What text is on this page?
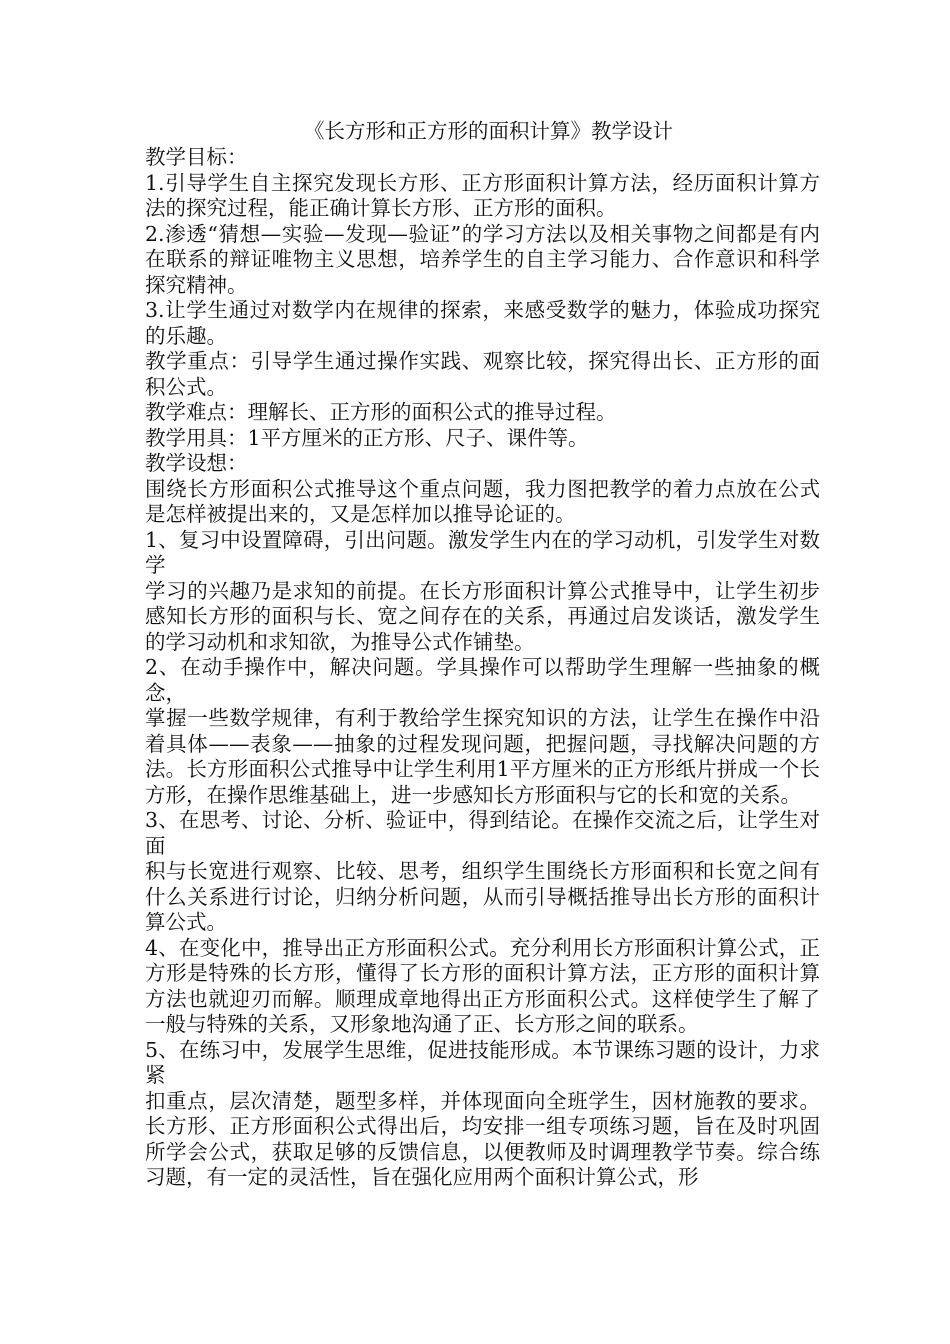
《长方形和正方形的面积计算》教学设计

教学目标：

1.引导学生自主探究发现长方形、正方形面积计算方法，经历面积计算方法的探究过程，能正确计算长方形、正方形的面积。

2.渗透“猜想—实验—发现—验证”的学习方法以及相关事物之间都是有内在联系的辩证唯物主义思想，培养学生的自主学习能力、合作意识和科学探究精神。

3.让学生通过对数学内在规律的探索，来感受数学的魅力，体验成功探究的乐趣。

教学重点：引导学生通过操作实践、观察比较，探究得出长、正方形的面积公式。

教学难点：理解长、正方形的面积公式的推导过程。

教学用具：1平方厘米的正方形、尺子、课件等。

教学设想：

围绕长方形面积公式推导这个重点问题，我力图把教学的着力点放在公式是怎样被提出来的，又是怎样加以推导论证的。

1、复习中设置障碍，引出问题。激发学生内在的学习动机，引发学生对数学

学习的兴趣乃是求知的前提。在长方形面积计算公式推导中，让学生初步感知长方形的面积与长、宽之间存在的关系，再通过启发谈话，激发学生的学习动机和求知欲，为推导公式作铺垫。

2、在动手操作中，解决问题。学具操作可以帮助学生理解一些抽象的概念，

掌握一些数学规律，有利于教给学生探究知识的方法，让学生在操作中沿着具体——表象——抽象的过程发现问题，把握问题，寻找解决问题的方法。长方形面积公式推导中让学生利用1平方厘米的正方形纸片拼成一个长方形，在操作思维基础上，进一步感知长方形面积与它的长和宽的关系。

3、在思考、讨论、分析、验证中，得到结论。在操作交流之后，让学生对面

积与长宽进行观察、比较、思考，组织学生围绕长方形面积和长宽之间有什么关系进行讨论，归纳分析问题，从而引导概括推导出长方形的面积计算公式。

4、在变化中，推导出正方形面积公式。充分利用长方形面积计算公式，正方形是特殊的长方形，懂得了长方形的面积计算方法，正方形的面积计算方法也就迎刃而解。顺理成章地得出正方形面积公式。这样使学生了解了一般与特殊的关系，又形象地沟通了正、长方形之间的联系。

5、在练习中，发展学生思维，促进技能形成。本节课练习题的设计，力求紧

扣重点，层次清楚，题型多样，并体现面向全班学生，因材施教的要求。长方形、正方形面积公式得出后，均安排一组专项练习题，旨在及时巩固所学会公式，获取足够的反馈信息，以便教师及时调理教学节奏。综合练习题，有一定的灵活性，旨在强化应用两个面积计算公式，形
